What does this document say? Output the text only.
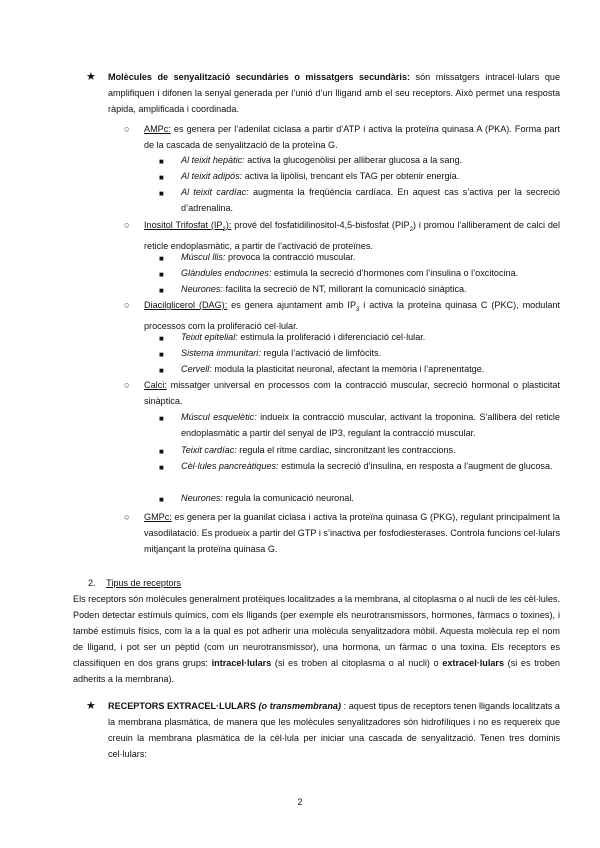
★ Molècules de senyalització secundàries o missatgers secundàris: són missatgers intracel·lulars que amplifiquen i difonen la senyal generada per l’unió d’un lligand amb el seu receptors. Això permet una resposta ràpida, amplificada i coordinada.
○ AMPc: es genera per l’adenilat ciclasa a partir d’ATP i activa la proteïna quinasa A (PKA). Forma part de la cascada de senyalització de la proteïna G.
■ Al teixit hepàtic: activa la glucogenòlisi per alliberar glucosa a la sang.
■ Al teixit adipós: activa la lipòlisi, trencant els TAG per obtenir energia.
■ Al teixit cardíac: augmenta la freqüència cardíaca. En aquest cas s’activa per la secreció d’adrenalina.
○ Inositol Trifosfat $(IP_3)$: prové del fosfatidilinositol-4,5-bisfosfat $(PIP_2)$ i promou l’alliberament de calci del reticle endoplasmàtic, a partir de l’activació de proteïnes.
■ Múscul llis: provoca la contracció muscular.
■ Glàndules endocrines: estimula la secreció d’hormones com l’insulina o l’oxcitocina.
■ Neurones: facilita la secreció de NT, millorant la comunicació sinàptica.
○ Diacilglicerol (DAG): es genera ajuntament amb $IP_3$ i activa la proteïna quinasa C (PKC), modulant processos com la proliferació cel·lular.
■ Teixit epitelial: estimula la proliferació i diferenciació cel·lular.
■ Sistema immunitari: regula l’activació de limfòcits.
■ Cervell: modula la plasticitat neuronal, afectant la memòria i l’aprenentatge.
○ Calci: missatger universal en processos com la contracció muscular, secreció hormonal o plasticitat sinàptica.
■ Múscul esquelètic: indueix la contracció muscular, activant la troponina. S’allibera del reticle endoplasmàtic a partir del senyal de IP3, regulant la contracció muscular.
■ Teixit cardíac: regula el ritme cardíac, sincronitzant les contraccions.
■ Cèl·lules pancreàtiques: estimula la secreció d’insulina, en resposta a l’augment de glucosa.
■ Neurones: regula la comunicació neuronal.
○ GMPc: es genera per la guanilat ciclasa i activa la proteïna quinasa G (PKG), regulant principalment la vasodilatació. Es produeix a partir del GTP i s’inactiva per fosfodiesterases. Controla funcions cel·lulars mitjançant la proteïna quinasa G.
2. Tipus de receptors
Els receptors són molècules generalment protèiques localitzades a la membrana, al citoplasma o al nucli de les cèl·lules. Poden detectar estímuls químics, com els lligands (per exemple els neurotransmissors, hormones, fàrmacs o toxines), i també estímuls físics, com la a la qual es pot adherir una molècula senyalitzadora mòbil. Aquesta molècula rep el nom de lligand, i pot ser un pèptid (com un neurotransmissor), una hormona, un fàrmac o una toxina. Els receptors es classifiquen en dos grans grups: intracel·lulars (si es troben al citoplasma o al nucli) o extracel·lulars (si es troben adherits a la membrana).
★ RECEPTORS EXTRACEL·LULARS (o transmembrana) : aquest tipus de receptors tenen lligands localitzats a la membrana plasmàtica, de manera que les molècules senyalitzadores són hidrofíliques i no es requereix que creuin la membrana plasmàtica de la cèl·lula per iniciar una cascada de senyalització. Tenen tres dominis cel·lulars:
2
